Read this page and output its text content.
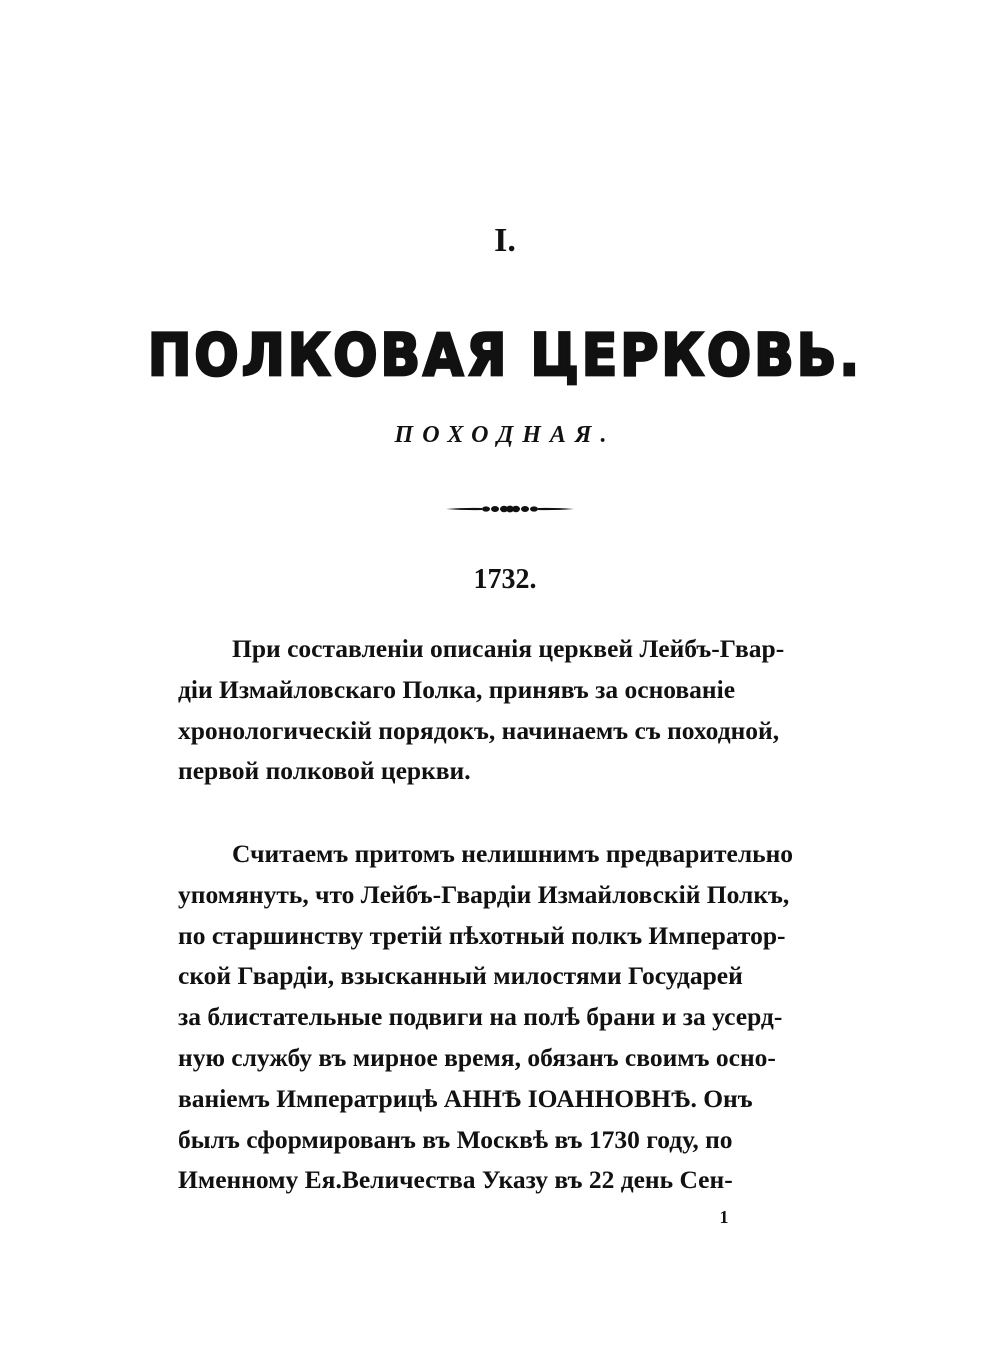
I.
ПОЛКОВАЯ ЦЕРКОВЬ.
ПОХОДНАЯ.
1732.

При составленіи описанія церквей Лейбъ-Гвар-
діи Измайловскаго Полка, принявъ за основаніе
хронологическій порядокъ, начинаемъ съ походной,
первой полковой церкви.

Считаемъ притомъ нелишнимъ предварительно
упомянуть, что Лейбъ-Гвардіи Измайловскій Полкъ,
по старшинству третій пѣхотный полкъ Император-
ской Гвардіи, взысканный милостями Государей
за блистательные подвиги на полѣ брани и за усерд-
ную службу въ мирное время, обязанъ своимъ осно-
ваніемъ Императрицѣ АННѢ ІОАННОВНѢ. Онъ
былъ сформированъ въ Москвѣ въ 1730 году, по
Именному Ея.Величества Указу въ 22 день Сен-

1
